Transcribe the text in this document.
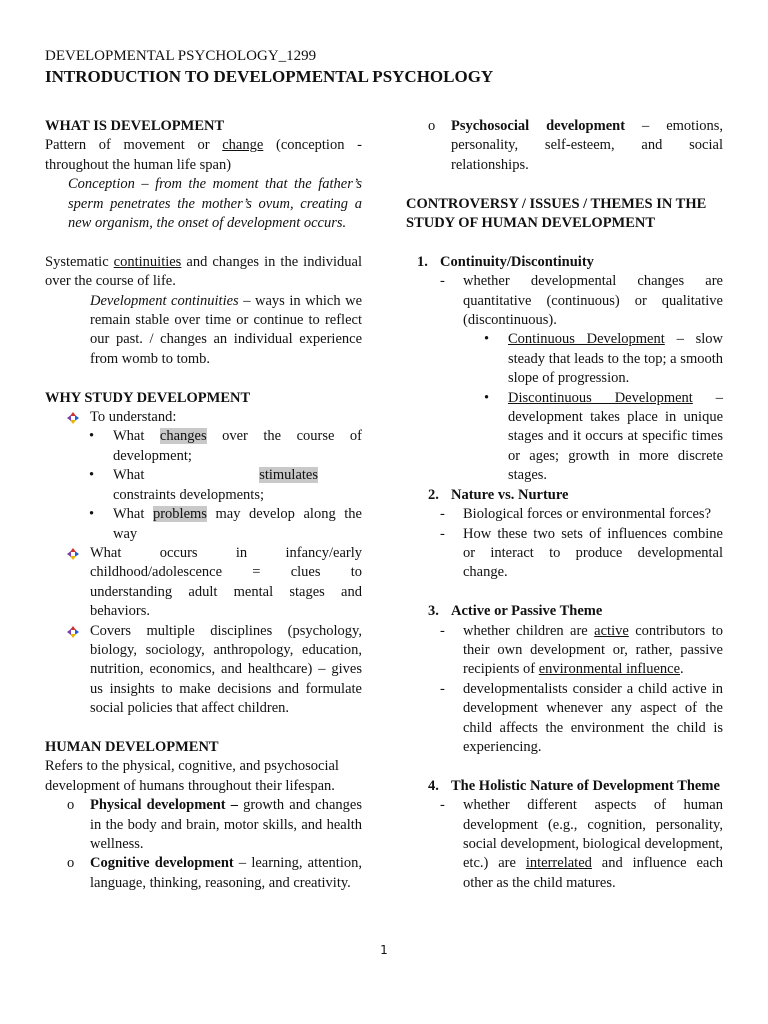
DEVELOPMENTAL PSYCHOLOGY_1299
INTRODUCTION TO DEVELOPMENTAL PSYCHOLOGY
WHAT IS DEVELOPMENT

Pattern of movement or change (conception - throughout the human life span)

Conception – from the moment that the father’s sperm penetrates the mother’s ovum, creating a new organism, the onset of development occurs.

Systematic continuities and changes in the individual over the course of life.

Development continuities – ways in which we remain stable over time or continue to reflect our past. / changes an individual experience from womb to tomb.

WHY STUDY DEVELOPMENT
To understand:
• What changes over the course of development;
• What	stimulates constraints developments;
• What problems may develop along the way
What occurs in infancy/early childhood/adolescence = clues to understanding adult mental stages and behaviors.
Covers multiple disciplines (psychology, biology, sociology, anthropology, education, nutrition, economics, and healthcare) – gives us insights to make decisions and formulate social policies that affect children.
HUMAN DEVELOPMENT

Refers to the physical, cognitive, and psychosocial development of humans throughout their lifespan.

o Physical development – growth and changes in the body and brain, motor skills, and health wellness.
o Cognitive development – learning, attention, language, thinking, reasoning, and creativity.
o Psychosocial development – emotions, personality, self-esteem, and social relationships.
CONTROVERSY / ISSUES / THEMES IN THE STUDY OF HUMAN DEVELOPMENT
1. Continuity/Discontinuity
- whether developmental changes are quantitative (continuous) or qualitative (discontinuous).
• Continuous Development – slow steady that leads to the top; a smooth slope of progression.
• Discontinuous Development – development takes place in unique stages and it occurs at specific times or ages; growth in more discrete stages.
2. Nature vs. Nurture
- Biological forces or environmental forces?
- How these two sets of influences combine or interact to produce developmental change.
3. Active or Passive Theme
- whether children are active contributors to their own development or, rather, passive recipients of environmental influence.
- developmentalists consider a child active in development whenever any aspect of the child affects the environment the child is experiencing.
4. The Holistic Nature of Development Theme
- whether different aspects of human development (e.g., cognition, personality, social development, biological development, etc.) are interrelated and influence each other as the child matures.
1
